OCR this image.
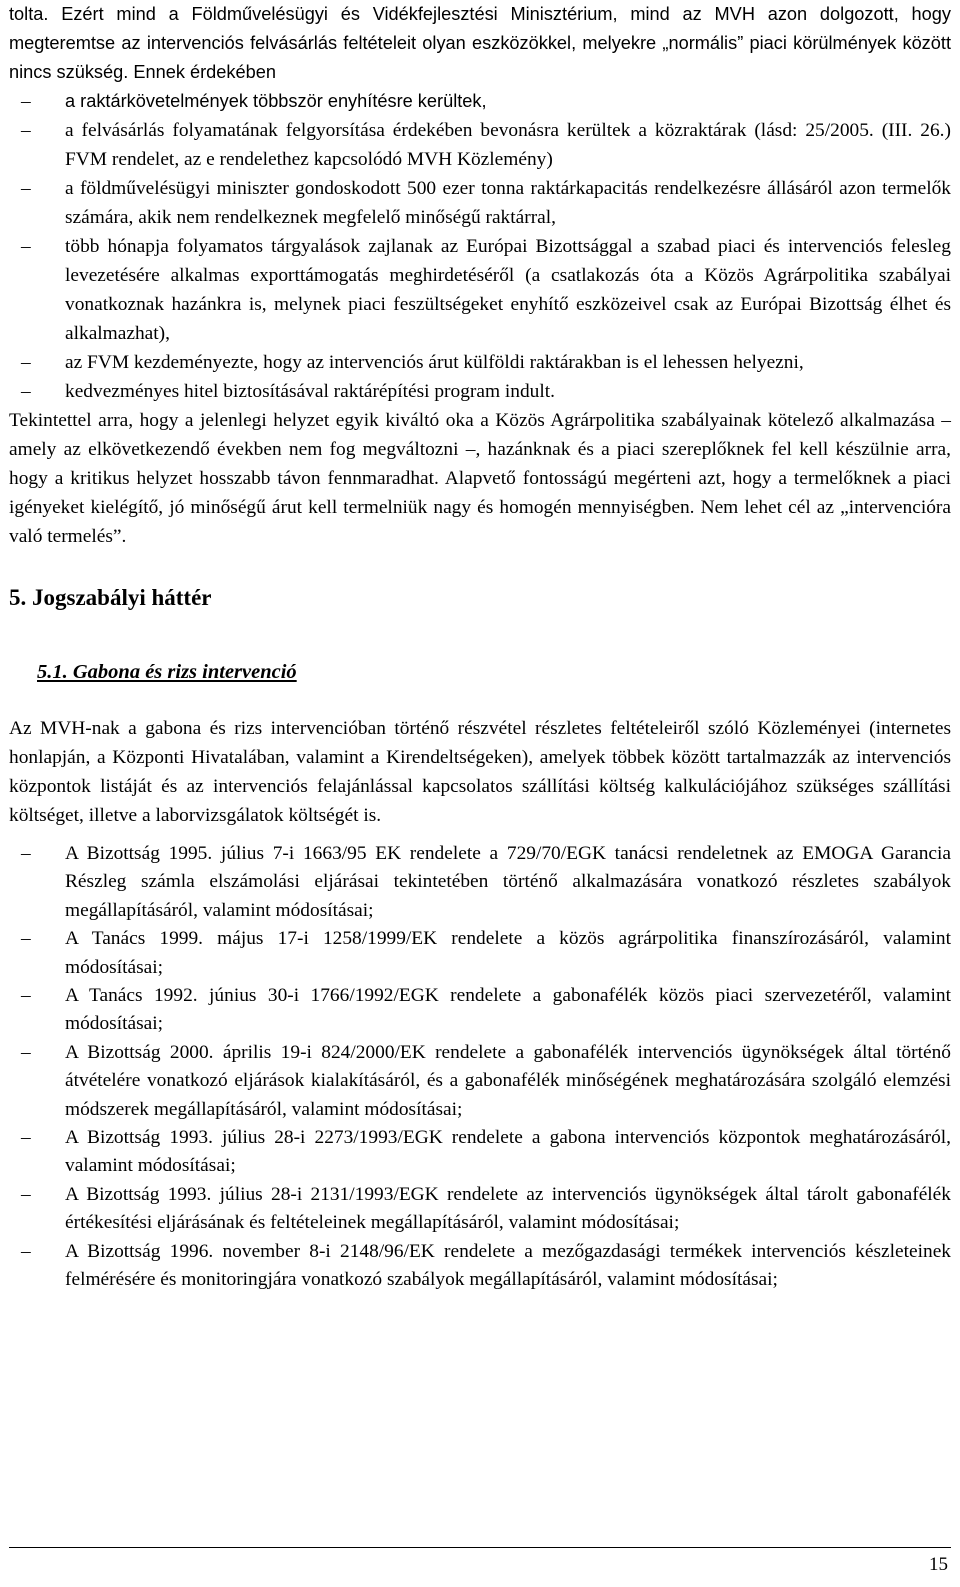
tolta. Ezért mind a Földművelésügyi és Vidékfejlesztési Minisztérium, mind az MVH azon dolgozott, hogy megteremtse az intervenciós felvásárlás feltételeit olyan eszközökkel, melyekre „normális” piaci körülmények között nincs szükség. Ennek érdekében

– a raktárkövetelmények többször enyhítésre kerültek,
– a felvásárlás folyamatának felgyorsítása érdekében bevonásra kerültek a közraktárak (lásd: 25/2005. (III. 26.) FVM rendelet, az e rendelethez kapcsolódó MVH Közlemény)
– a földművelésügyi miniszter gondoskodott 500 ezer tonna raktárkapacitás rendelkezésre állásáról azon termelők számára, akik nem rendelkeznek megfelelő minőségű raktárral,
– több hónapja folyamatos tárgyalások zajlanak az Európai Bizottsággal a szabad piaci és intervenciós felesleg levezetésére alkalmas exporttámogatás meghirdetéséről (a csatlakozás óta a Közös Agrárpolitika szabályai vonatkoznak hazánkra is, melynek piaci feszültségeket enyhítő eszközeivel csak az Európai Bizottság élhet és alkalmazhat),
– az FVM kezdeményezte, hogy az intervenciós árut külföldi raktárakban is el lehessen helyezni,
– kedvezményes hitel biztosításával raktárépítési program indult.

Tekintettel arra, hogy a jelenlegi helyzet egyik kiváltó oka a Közös Agrárpolitika szabályainak kötelező alkalmazása – amely az elkövetkezendő években nem fog megváltozni –, hazánknak és a piaci szereplőknek fel kell készülnie arra, hogy a kritikus helyzet hosszabb távon fennmaradhat. Alapvető fontosságú megérteni azt, hogy a termelőknek a piaci igényeket kielégítő, jó minőségű árut kell termelniük nagy és homogén mennyiségben. Nem lehet cél az „intervencióra való termelés”.

5. Jogszabályi háttér
5.1. Gabona és rizs intervenció

Az MVH-nak a gabona és rizs intervencióban történő részvétel részletes feltételeiről szóló Közleményei (internetes honlapján, a Központi Hivatalában, valamint a Kirendeltségeken), amelyek többek között tartalmazzák az intervenciós központok listáját és az intervenciós felajánlással kapcsolatos szállítási költség kalkulációjához szükséges szállítási költséget, illetve a laborvizsgálatok költségét is.

– A Bizottság 1995. július 7-i 1663/95 EK rendelete a 729/70/EGK tanácsi rendeletnek az EMOGA Garancia Részleg számla elszámolási eljárásai tekintetében történő alkalmazására vonatkozó részletes szabályok megállapításáról, valamint módosításai;
– A Tanács 1999. május 17-i 1258/1999/EK rendelete a közös agrárpolitika finanszírozásáról, valamint módosításai;
– A Tanács 1992. június 30-i 1766/1992/EGK rendelete a gabonafélék közös piaci szervezetéről, valamint módosításai;
– A Bizottság 2000. április 19-i 824/2000/EK rendelete a gabonafélék intervenciós ügynökségek által történő átvételére vonatkozó eljárások kialakításáról, és a gabonafélék minőségének meghatározására szolgáló elemzési módszerek megállapításáról, valamint módosításai;
– A Bizottság 1993. július 28-i 2273/1993/EGK rendelete a gabona intervenciós központok meghatározásáról, valamint módosításai;
– A Bizottság 1993. július 28-i 2131/1993/EGK rendelete az intervenciós ügynökségek által tárolt gabonafélék értékesítési eljárásának és feltételeinek megállapításáról, valamint módosításai;
– A Bizottság 1996. november 8-i 2148/96/EK rendelete a mezőgazdasági termékek intervenciós készleteinek felmérésére és monitoringjára vonatkozó szabályok megállapításáról, valamint módosításai;
15
